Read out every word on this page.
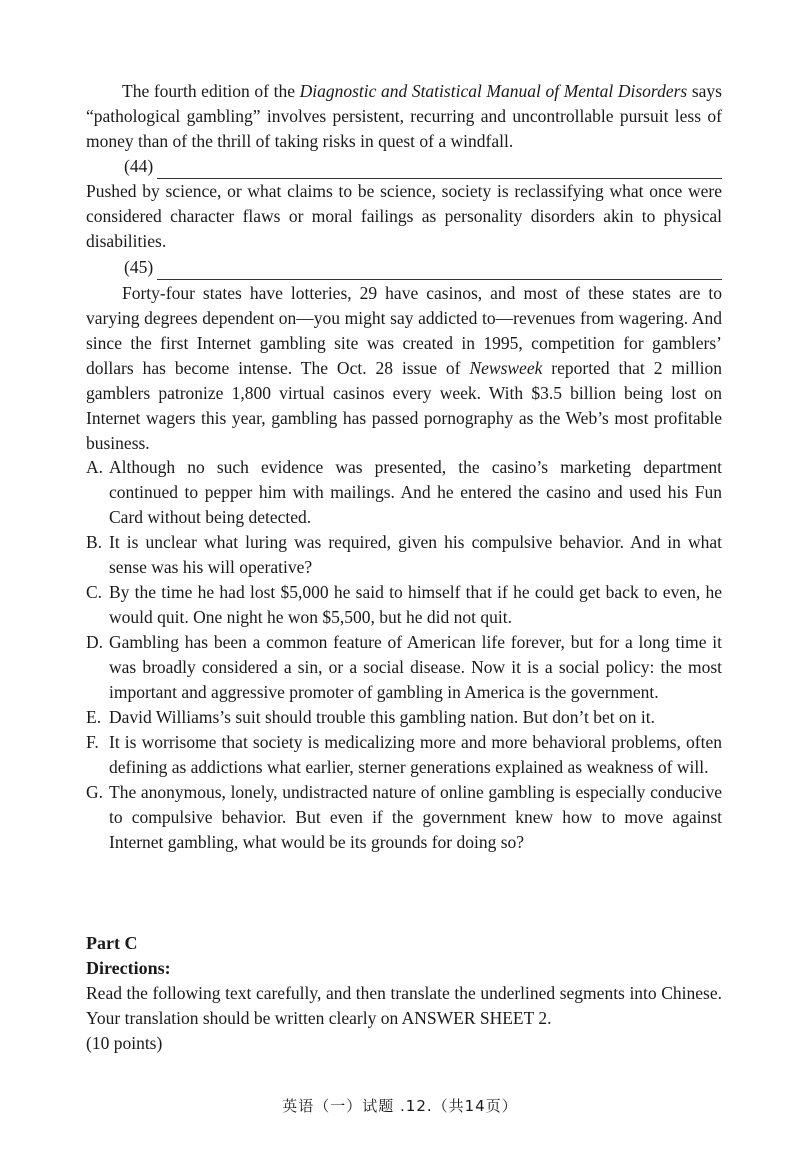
The fourth edition of the Diagnostic and Statistical Manual of Mental Disorders says “pathological gambling” involves persistent, recurring and uncontrollable pursuit less of money than of the thrill of taking risks in quest of a windfall.

(44)

Pushed by science, or what claims to be science, society is reclassifying what once were considered character flaws or moral failings as personality disorders akin to physical disabilities.

(45)

Forty-four states have lotteries, 29 have casinos, and most of these states are to varying degrees dependent on—you might say addicted to—revenues from wagering. And since the first Internet gambling site was created in 1995, competition for gamblers’ dollars has become intense. The Oct. 28 issue of Newsweek reported that 2 million gamblers patronize 1,800 virtual casinos every week. With $3.5 billion being lost on Internet wagers this year, gambling has passed pornography as the Web’s most profitable business.

A. Although no such evidence was presented, the casino’s marketing department continued to pepper him with mailings. And he entered the casino and used his Fun Card without being detected.

B. It is unclear what luring was required, given his compulsive behavior. And in what sense was his will operative?

C. By the time he had lost $5,000 he said to himself that if he could get back to even, he would quit. One night he won $5,500, but he did not quit.

D. Gambling has been a common feature of American life forever, but for a long time it was broadly considered a sin, or a social disease. Now it is a social policy: the most important and aggressive promoter of gambling in America is the government.

E. David Williams’s suit should trouble this gambling nation. But don’t bet on it.

F. It is worrisome that society is medicalizing more and more behavioral problems, often defining as addictions what earlier, sterner generations explained as weakness of will.

G. The anonymous, lonely, undistracted nature of online gambling is especially conducive to compulsive behavior. But even if the government knew how to move against Internet gambling, what would be its grounds for doing so?

Part C

Directions:

Read the following text carefully, and then translate the underlined segments into Chinese. Your translation should be written clearly on ANSWER SHEET 2.

(10 points)

英语（一）试题 .12.（共14页）
